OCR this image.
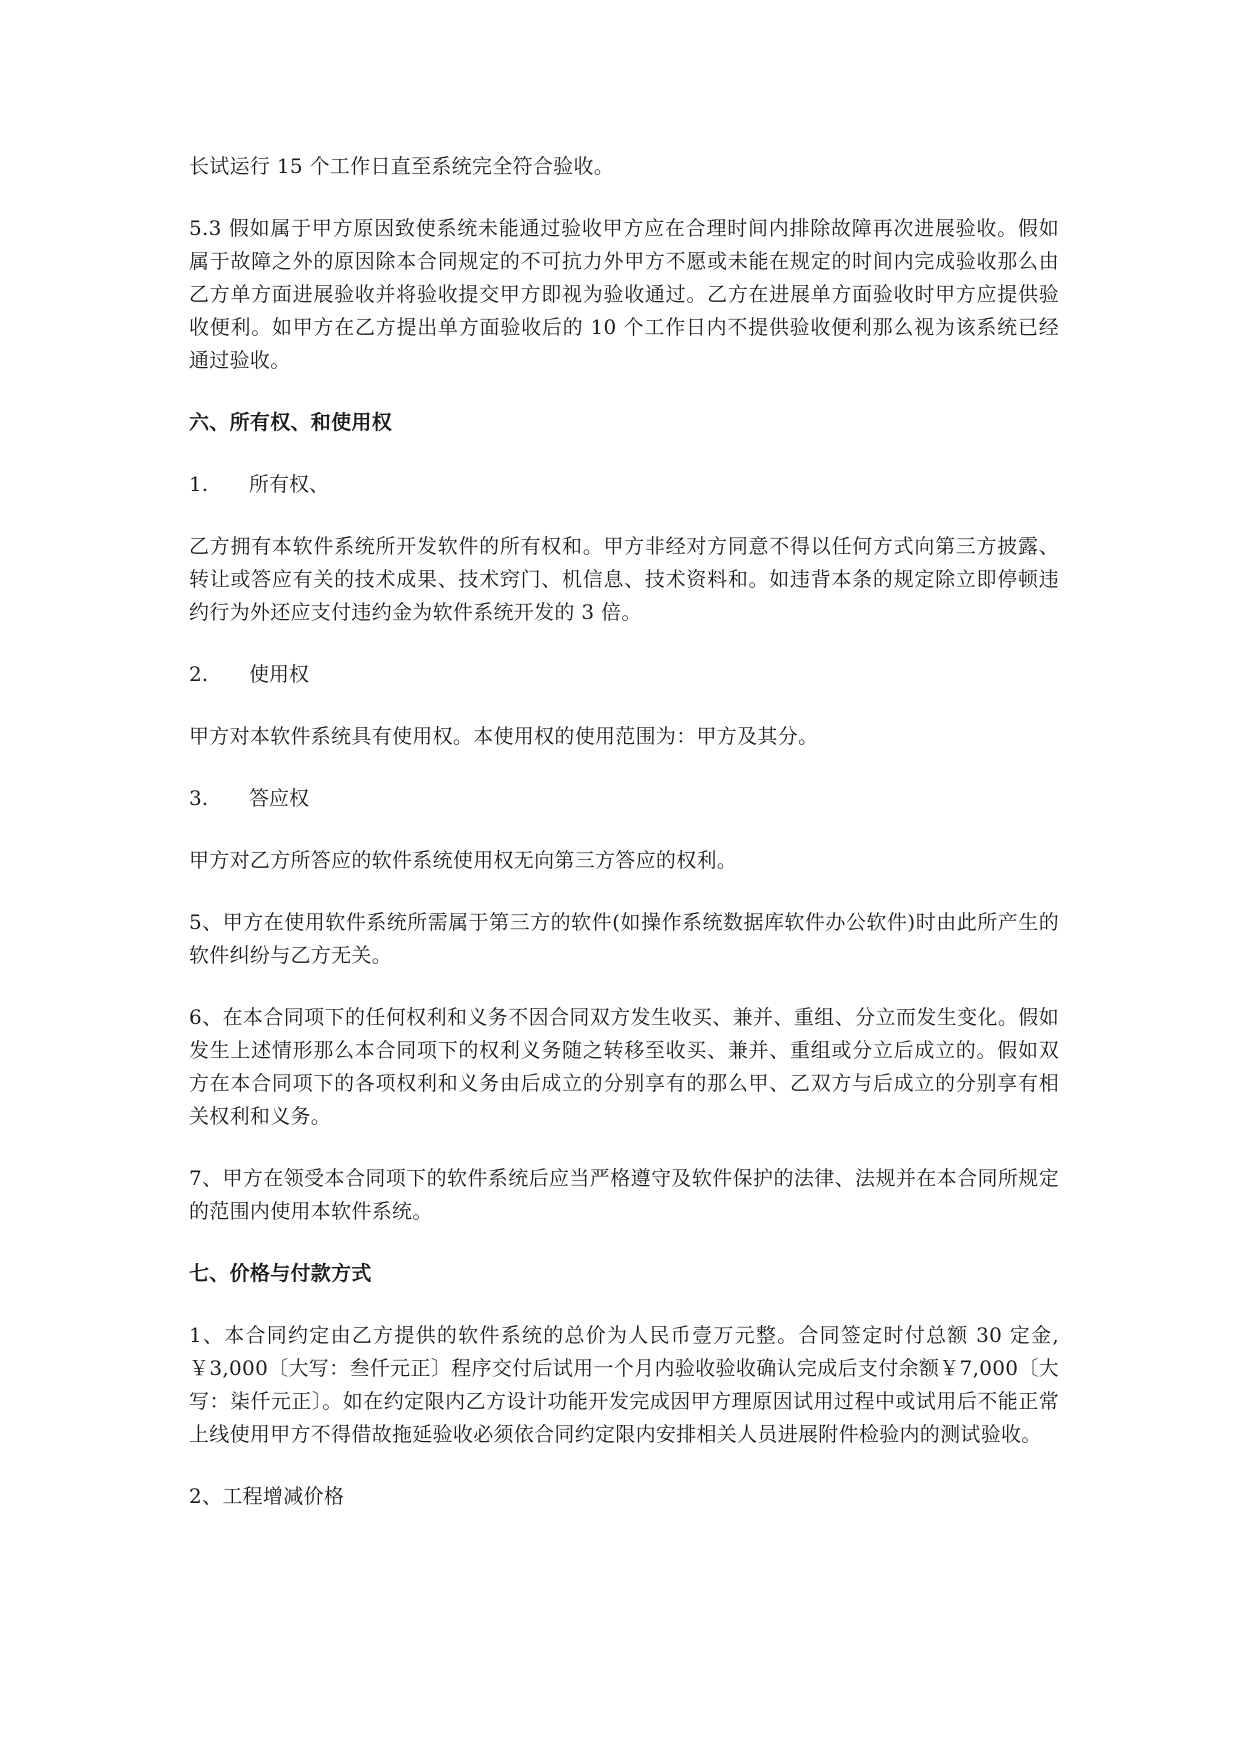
长试运行 15 个工作日直至系统完全符合验收。

5.3 假如属于甲方原因致使系统未能通过验收甲方应在合理时间内排除故障再次进展验收。假如属于故障之外的原因除本合同规定的不可抗力外甲方不愿或未能在规定的时间内完成验收那么由乙方单方面进展验收并将验收提交甲方即视为验收通过。乙方在进展单方面验收时甲方应提供验收便利。如甲方在乙方提出单方面验收后的 10 个工作日内不提供验收便利那么视为该系统已经通过验收。

六、所有权、和使用权

1.	所有权、

乙方拥有本软件系统所开发软件的所有权和。甲方非经对方同意不得以任何方式向第三方披露、转让或答应有关的技术成果、技术窍门、机信息、技术资料和。如违背本条的规定除立即停顿违约行为外还应支付违约金为软件系统开发的 3 倍。

2.	使用权

甲方对本软件系统具有使用权。本使用权的使用范围为：甲方及其分。

3.	答应权

甲方对乙方所答应的软件系统使用权无向第三方答应的权利。

5、甲方在使用软件系统所需属于第三方的软件(如操作系统数据库软件办公软件)时由此所产生的软件纠纷与乙方无关。

6、在本合同项下的任何权利和义务不因合同双方发生收买、兼并、重组、分立而发生变化。假如发生上述情形那么本合同项下的权利义务随之转移至收买、兼并、重组或分立后成立的。假如双方在本合同项下的各项权利和义务由后成立的分别享有的那么甲、乙双方与后成立的分别享有相关权利和义务。

7、甲方在领受本合同项下的软件系统后应当严格遵守及软件保护的法律、法规并在本合同所规定的范围内使用本软件系统。

七、价格与付款方式

1、本合同约定由乙方提供的软件系统的总价为人民币壹万元整。合同签定时付总额 30 定金,￥3,000〔大写：叁仟元正〕程序交付后试用一个月内验收验收确认完成后支付余额￥7,000〔大写：柒仟元正〕。如在约定限内乙方设计功能开发完成因甲方理原因试用过程中或试用后不能正常上线使用甲方不得借故拖延验收必须依合同约定限内安排相关人员进展附件检验内的测试验收。

2、工程增减价格
